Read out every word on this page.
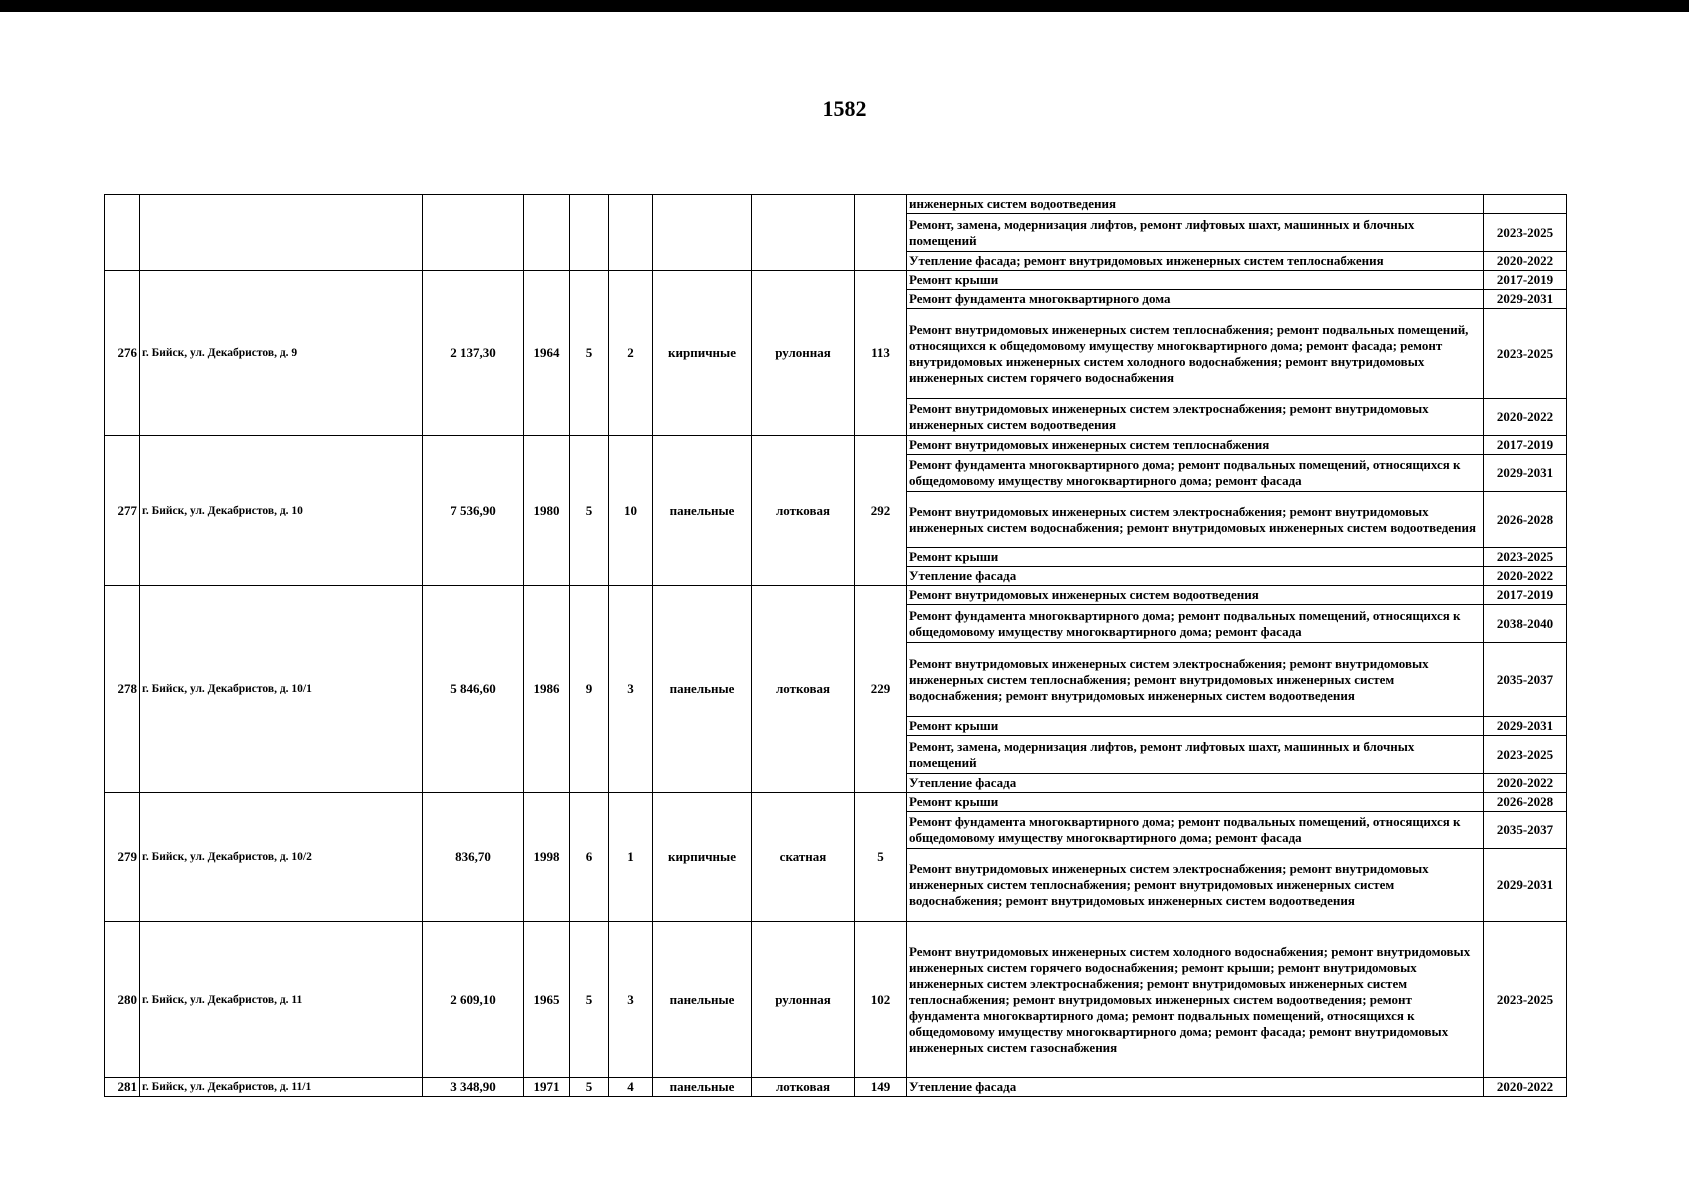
1582
									инженерных систем водоотведения	
									Ремонт, замена, модернизация лифтов, ремонт лифтовых шахт, машинных и блочных помещений	2023-2025
									Утепление фасада; ремонт внутридомовых инженерных систем теплоснабжения	2020-2022
276	г. Бийск, ул. Декабристов, д. 9	2 137,30	1964	5	2	кирпичные	рулонная	113	Ремонт крыши	2017-2019
									Ремонт фундамента многоквартирного дома	2029-2031
									Ремонт внутридомовых инженерных систем теплоснабжения; ремонт подвальных помещений, относящихся к общедомовому имуществу многоквартирного дома; ремонт фасада; ремонт внутридомовых инженерных систем холодного водоснабжения; ремонт внутридомовых инженерных систем горячего водоснабжения	2023-2025
									Ремонт внутридомовых инженерных систем электроснабжения; ремонт внутридомовых инженерных систем водоотведения	2020-2022
277	г. Бийск, ул. Декабристов, д. 10	7 536,90	1980	5	10	панельные	лотковая	292	Ремонт внутридомовых инженерных систем теплоснабжения	2017-2019
									Ремонт фундамента многоквартирного дома; ремонт подвальных помещений, относящихся к общедомовому имуществу многоквартирного дома; ремонт фасада	2029-2031
									Ремонт внутридомовых инженерных систем электроснабжения; ремонт внутридомовых инженерных систем водоснабжения; ремонт внутридомовых инженерных систем водоотведения	2026-2028
									Ремонт крыши	2023-2025
									Утепление фасада	2020-2022
278	г. Бийск, ул. Декабристов, д. 10/1	5 846,60	1986	9	3	панельные	лотковая	229	Ремонт внутридомовых инженерных систем водоотведения	2017-2019
									Ремонт фундамента многоквартирного дома; ремонт подвальных помещений, относящихся к общедомовому имуществу многоквартирного дома; ремонт фасада	2038-2040
									Ремонт внутридомовых инженерных систем электроснабжения; ремонт внутридомовых инженерных систем теплоснабжения; ремонт внутридомовых инженерных систем водоснабжения; ремонт внутридомовых инженерных систем водоотведения	2035-2037
									Ремонт крыши	2029-2031
									Ремонт, замена, модернизация лифтов, ремонт лифтовых шахт, машинных и блочных помещений	2023-2025
									Утепление фасада	2020-2022
279	г. Бийск, ул. Декабристов, д. 10/2	836,70	1998	6	1	кирпичные	скатная	5	Ремонт крыши	2026-2028
									Ремонт фундамента многоквартирного дома; ремонт подвальных помещений, относящихся к общедомовому имуществу многоквартирного дома; ремонт фасада	2035-2037
									Ремонт внутридомовых инженерных систем электроснабжения; ремонт внутридомовых инженерных систем теплоснабжения; ремонт внутридомовых инженерных систем водоснабжения; ремонт внутридомовых инженерных систем водоотведения	2029-2031
280	г. Бийск, ул. Декабристов, д. 11	2 609,10	1965	5	3	панельные	рулонная	102	Ремонт внутридомовых инженерных систем холодного водоснабжения; ремонт внутридомовых инженерных систем горячего водоснабжения; ремонт крыши; ремонт внутридомовых инженерных систем электроснабжения; ремонт внутридомовых инженерных систем теплоснабжения; ремонт внутридомовых инженерных систем водоотведения; ремонт фундамента многоквартирного дома; ремонт подвальных помещений, относящихся к общедомовому имуществу многоквартирного дома; ремонт фасада; ремонт внутридомовых инженерных систем газоснабжения	2023-2025
281	г. Бийск, ул. Декабристов, д. 11/1	3 348,90	1971	5	4	панельные	лотковая	149	Утепление фасада	2020-2022
